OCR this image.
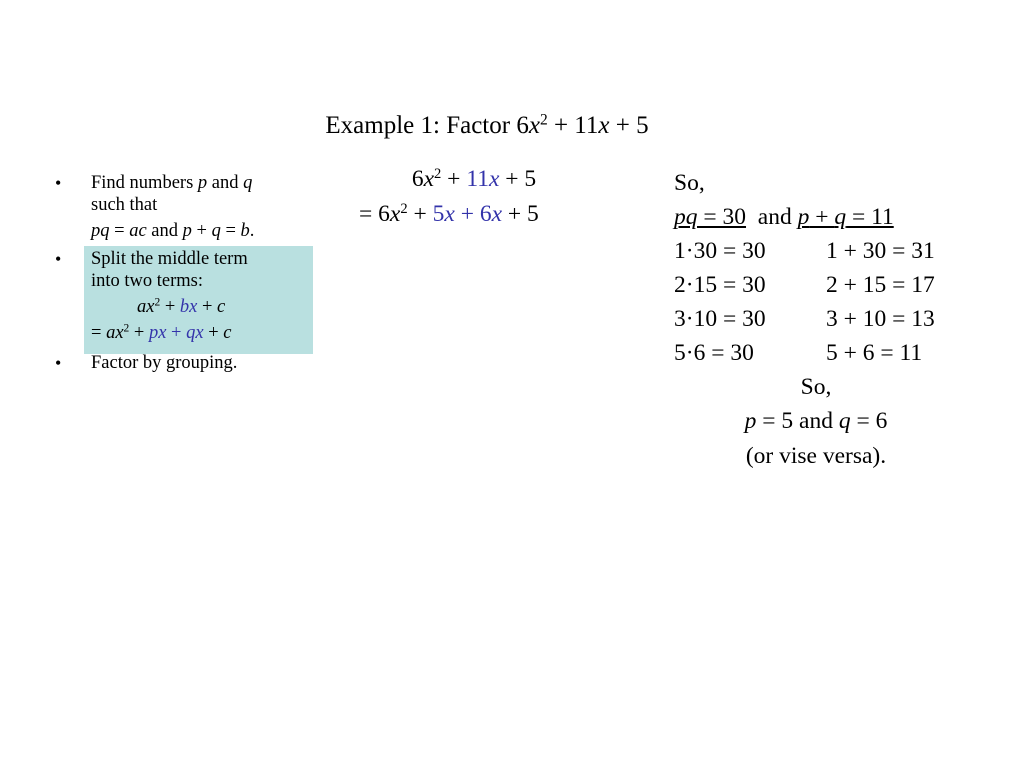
Example 1: Factor $6x^2 + 11x + 5$
• Find numbers p and q
such that
pq = ac and p + q = b.
• Split the middle term
into two terms:
$ax^2$ + bx + c
= $ax^2$ + px + qx + c
• Factor by grouping.
$6x^2 + 11x + 5$
= $6x^2 + 5x + 6x + 5$
So,
pq = 30  and p + q = 11
1·30 = 30	1 + 30 = 31
2·15 = 30	2 + 15 = 17
3·10 = 30	3 + 10 = 13
5·6 = 30	5 + 6 = 11
So,
p = 5 and q = 6
(or vise versa).
